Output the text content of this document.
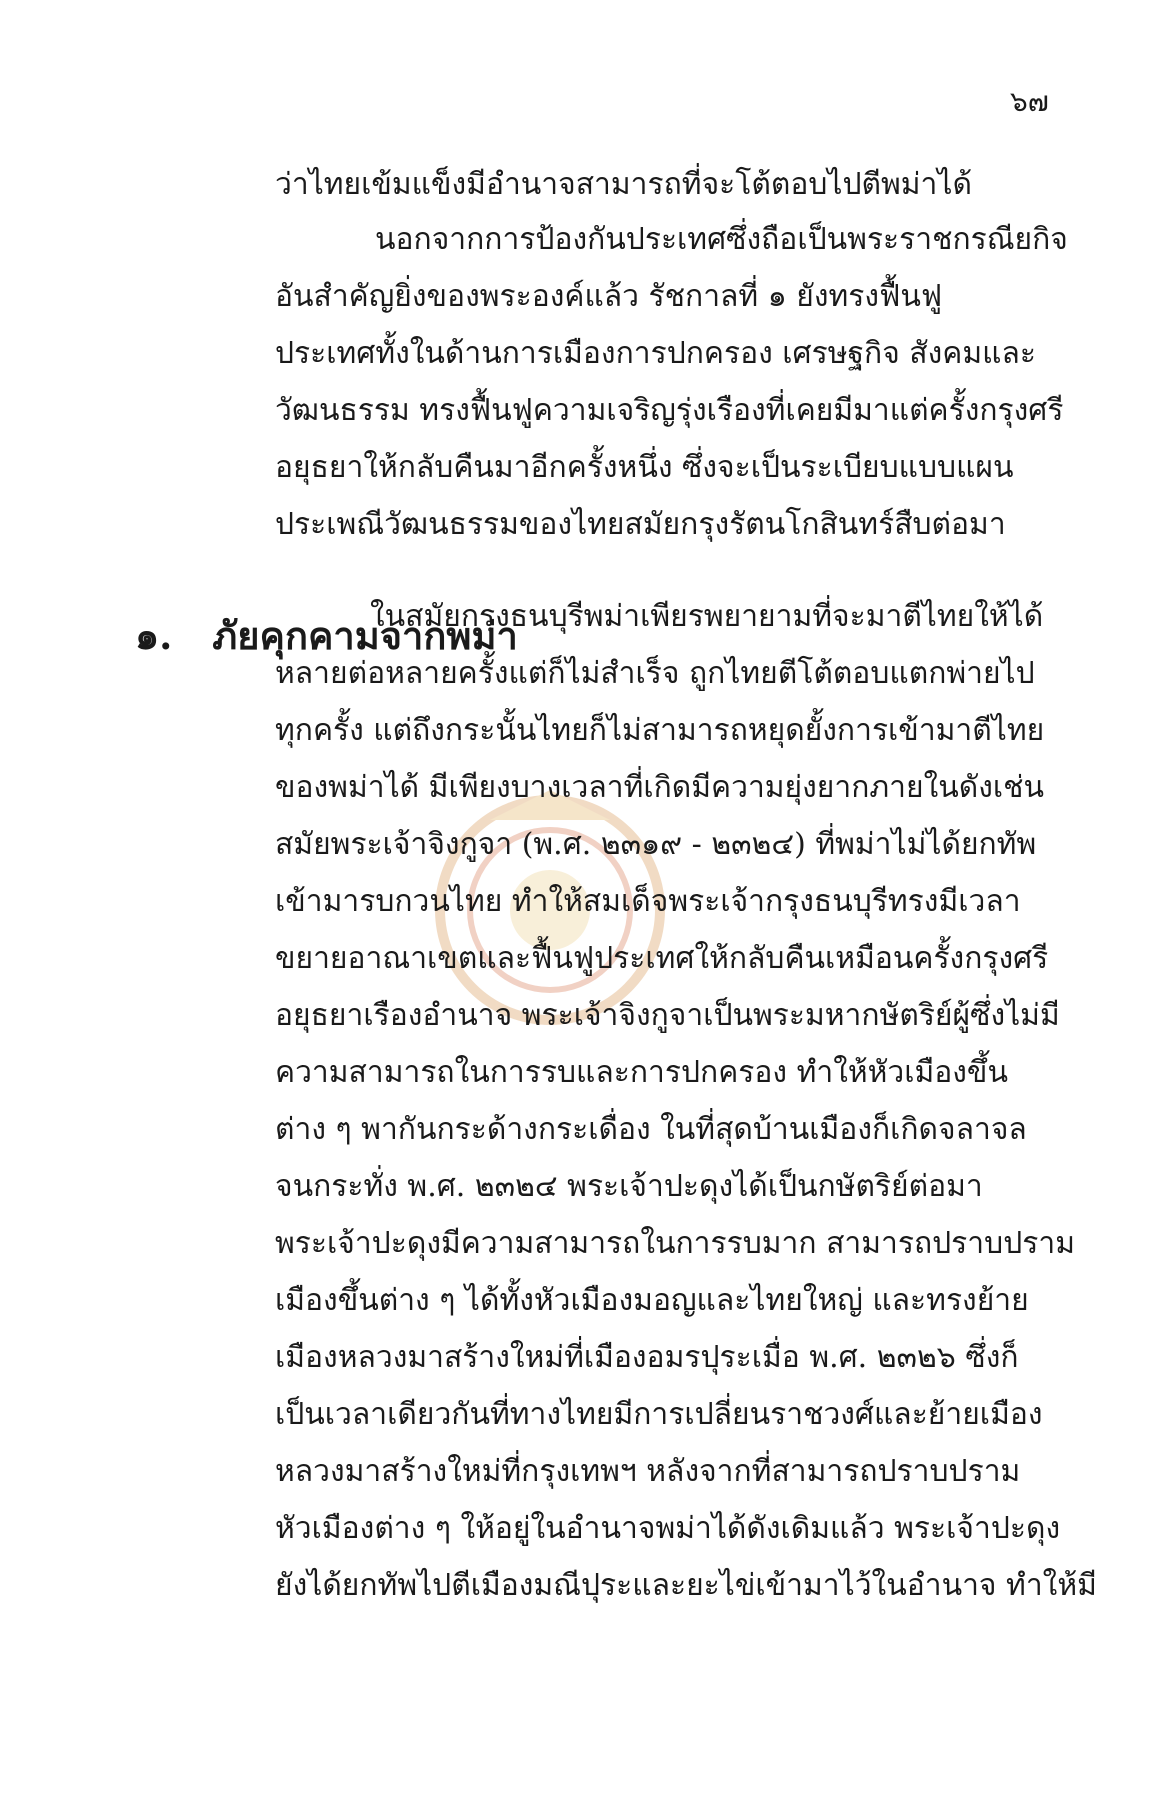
๖๗
ว่าไทยเข้มแข็งมีอำนาจสามารถที่จะโต้ตอบไปตีพม่าได้
นอกจากการป้องกันประเทศซึ่งถือเป็นพระราชกรณียกิจ
อันสำคัญยิ่งของพระองค์แล้ว รัชกาลที่ ๑ ยังทรงฟื้นฟู
ประเทศทั้งในด้านการเมืองการปกครอง เศรษฐกิจ สังคมและ
วัฒนธรรม ทรงฟื้นฟูความเจริญรุ่งเรืองที่เคยมีมาแต่ครั้งกรุงศรี
อยุธยาให้กลับคืนมาอีกครั้งหนึ่ง ซึ่งจะเป็นระเบียบแบบแผน
ประเพณีวัฒนธรรมของไทยสมัยกรุงรัตนโกสินทร์สืบต่อมา
๑. ภัยคุกคามจากพม่า
ในสมัยกรุงธนบุรีพม่าเพียรพยายามที่จะมาตีไทยให้ได้
หลายต่อหลายครั้งแต่ก็ไม่สำเร็จ ถูกไทยตีโต้ตอบแตกพ่ายไป
ทุกครั้ง แต่ถึงกระนั้นไทยก็ไม่สามารถหยุดยั้งการเข้ามาตีไทย
ของพม่าได้ มีเพียงบางเวลาที่เกิดมีความยุ่งยากภายในดังเช่น
สมัยพระเจ้าจิงกูจา (พ.ศ. ๒๓๑๙ - ๒๓๒๔) ที่พม่าไม่ได้ยกทัพ
เข้ามารบกวนไทย ทำให้สมเด็จพระเจ้ากรุงธนบุรีทรงมีเวลา
ขยายอาณาเขตและฟื้นฟูประเทศให้กลับคืนเหมือนครั้งกรุงศรี
อยุธยาเรืองอำนาจ พระเจ้าจิงกูจาเป็นพระมหากษัตริย์ผู้ซึ่งไม่มี
ความสามารถในการรบและการปกครอง ทำให้หัวเมืองขึ้น
ต่าง ๆ พากันกระด้างกระเดื่อง ในที่สุดบ้านเมืองก็เกิดจลาจล
จนกระทั่ง พ.ศ. ๒๓๒๔ พระเจ้าปะดุงได้เป็นกษัตริย์ต่อมา
พระเจ้าปะดุงมีความสามารถในการรบมาก สามารถปราบปราม
เมืองขึ้นต่าง ๆ ได้ทั้งหัวเมืองมอญและไทยใหญ่ และทรงย้าย
เมืองหลวงมาสร้างใหม่ที่เมืองอมรปุระเมื่อ พ.ศ. ๒๓๒๖ ซึ่งก็
เป็นเวลาเดียวกันที่ทางไทยมีการเปลี่ยนราชวงศ์และย้ายเมือง
หลวงมาสร้างใหม่ที่กรุงเทพฯ หลังจากที่สามารถปราบปราม
หัวเมืองต่าง ๆ ให้อยู่ในอำนาจพม่าได้ดังเดิมแล้ว พระเจ้าปะดุง
ยังได้ยกทัพไปตีเมืองมณีปุระและยะไข่เข้ามาไว้ในอำนาจ ทำให้มี
